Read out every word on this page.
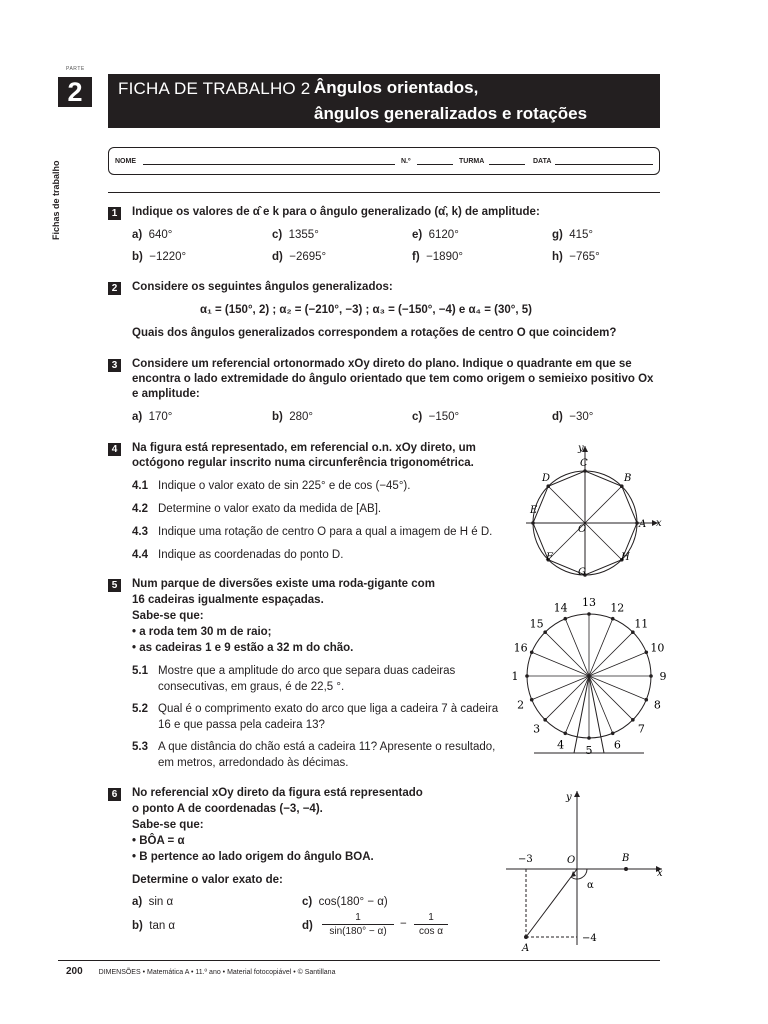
PARTE
2
Fichas de trabalho
FICHA DE TRABALHO 2 Ângulos orientados,
ângulos generalizados e rotações
NOME	N.º	TURMA	DATA
1	Indique os valores de α̂ e k para o ângulo generalizado (α̂, k) de amplitude:
a) 640°	c) 1355°	e) 6120°	g) 415°
b) −1220°	d) −2695°	f) −1890°	h) −765°
2	Considere os seguintes ângulos generalizados:
α₁ = (150°, 2) ; α₂ = (−210°, −3) ; α₃ = (−150°, −4) e α₄ = (30°, 5)
Quais dos ângulos generalizados correspondem a rotações de centro O que coincidem?
3	Considere um referencial ortonormado xOy direto do plano. Indique o quadrante em que se
encontra o lado extremidade do ângulo orientado que tem como origem o semieixo positivo Ox
e amplitude:
a) 170°	b) 280°	c) −150°	d) −30°
4	Na figura está representado, em referencial o.n. xOy direto, um
octógono regular inscrito numa circunferência trigonométrica.
4.1 Indique o valor exato de sin 225° e de cos (−45°).
4.2 Determine o valor exato da medida de [AB].
4.3 Indique uma rotação de centro O para a qual a imagem de H é D.
4.4 Indique as coordenadas do ponto D.
x
y
O	A
B
C
D
E
F
G
H
5	Num parque de diversões existe uma roda-gigante com
16 cadeiras igualmente espaçadas.
Sabe-se que:
• a roda tem 30 m de raio;
• as cadeiras 1 e 9 estão a 32 m do chão.
5.1 Mostre que a amplitude do arco que separa duas cadeiras
consecutivas, em graus, é de 22,5 °.
5.2 Qual é o comprimento exato do arco que liga a cadeira 7 à cadeira
16 e que passa pela cadeira 13?
5.3 A que distância do chão está a cadeira 11? Apresente o resultado,
em metros, arredondado às décimas.
1
2
3
4 5 6
7
8
9
10
11
12
13
14
15
16
6	No referencial xOy direto da figura está representado
o ponto A de coordenadas (−3, −4).
Sabe-se que:
• BÔA = α
• B pertence ao lado origem do ângulo BOA.
Determine o valor exato de:
a) sin α	c) cos(180° − α)
b) tan α	$d) \frac{1}{\sin(180^\circ - \alpha)} - \frac{1}{\text{cos α}}$
x
y
O	B
A
−3
−4
α
200 DIMENSÕES • Matemática A • 11.º ano • Material fotocopiável • © Santillana
